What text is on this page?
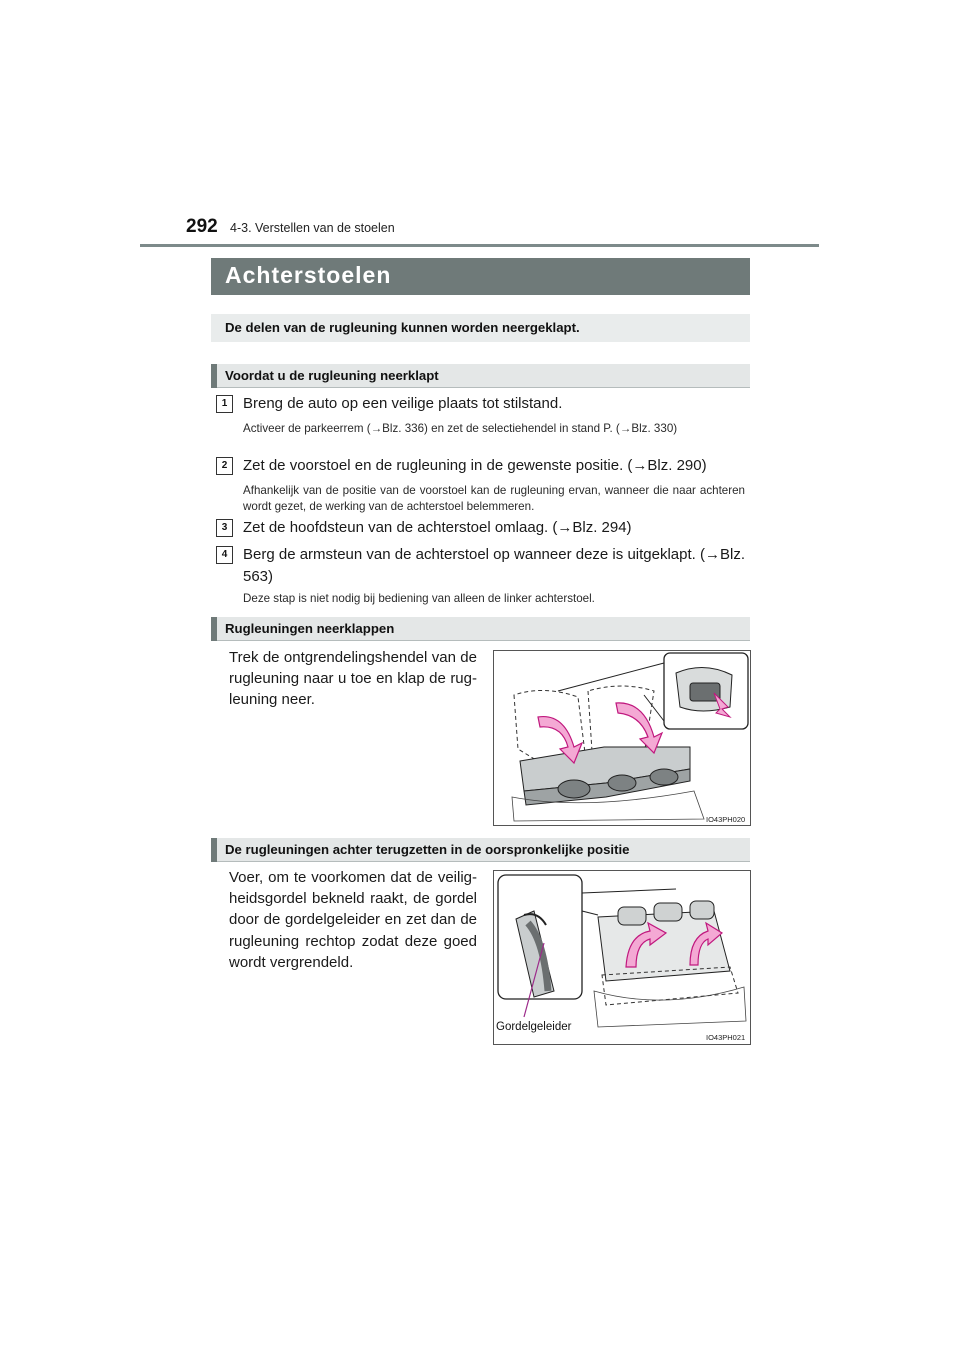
292 4-3. Verstellen van de stoelen
Achterstoelen
De delen van de rugleuning kunnen worden neergeklapt.
Voordat u de rugleuning neerklapt
1	Breng de auto op een veilige plaats tot stilstand.
Activeer de parkeerrem (→Blz. 336) en zet de selectiehendel in stand P. (→Blz. 330)
2	Zet de voorstoel en de rugleuning in de gewenste positie. (→Blz. 290)
Afhankelijk van de positie van de voorstoel kan de rugleuning ervan, wanneer die naar achteren wordt gezet, de werking van de achterstoel belemmeren.
3	Zet de hoofdsteun van de achterstoel omlaag. (→Blz. 294)
4	Berg de armsteun van de achterstoel op wanneer deze is uitgeklapt. (→Blz. 563)
Deze stap is niet nodig bij bediening van alleen de linker achterstoel.
Rugleuningen neerklappen
Trek de ontgrendelingshendel van de rugleuning naar u toe en klap de rug-leuning neer.
IO43PH020
De rugleuningen achter terugzetten in de oorspronkelijke positie
Voer, om te voorkomen dat de veilig-heidsgordel bekneld raakt, de gordel door de gordelgeleider en zet dan de rugleuning rechtop zodat deze goed wordt vergrendeld.
Gordelgeleider
IO43PH021
